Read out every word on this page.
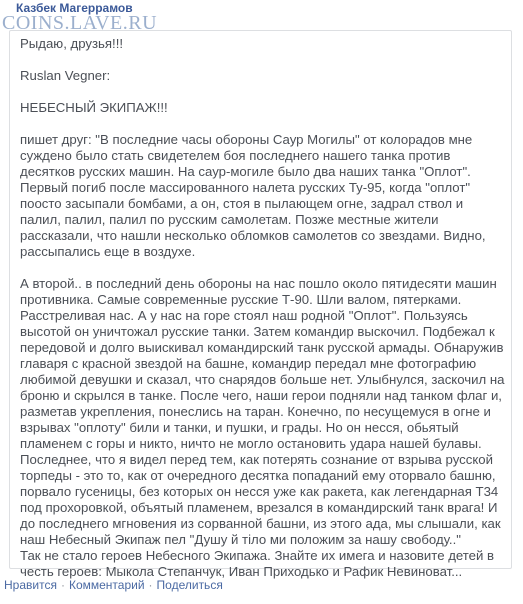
Казбек Магеррамов
COINS.LAVE.RU

Рыдаю, друзья!!!

Ruslan Vegner:

НЕБЕСНЫЙ ЭКИПАЖ!!!

пишет друг: "В последние часы обороны Саур Могилы" от колорадов мне суждено было стать свидетелем боя последнего нашего танка против десятков русских машин. На саур-могиле было два наших танка "Оплот". Первый погиб после массированного налета русских Ту-95, когда "оплот" поосто засыпали бомбами, а он, стоя в пылающем огне, задрал ствол и палил, палил, палил по русским самолетам. Позже местные жители рассказали, что нашли несколько обломков самолетов со звездами. Видно, рассыпались еще в воздухе.

А второй.. в последний день обороны на нас пошло около пятидесяти машин противника. Самые современные русские Т-90. Шли валом, пятерками. Расстреливая нас. А у нас на горе стоял наш родной "Оплот". Пользуясь высотой он уничтожал русские танки. Затем командир выскочил. Подбежал к передовой и долго выискивал командирский танк русской армады. Обнаружив главаря с красной звездой на башне, командир передал мне фотографию любимой девушки и сказал, что снарядов больше нет. Улыбнулся, заскочил на броню и скрылся в танке. После чего, наши герои подняли над танком флаг и, разметав укрепления, понеслись на таран. Конечно, по несущемуся в огне и взрывах "оплоту" били и танки, и пушки, и грады. Но он несся, обьятый пламенем с горы и никто, ничто не могло остановить удара нашей булавы. Последнее, что я видел перед тем, как потерять сознание от взрыва русской торпеды - это то, как от очередного десятка попаданий ему оторвало башню, порвало гусеницы, без которых он несся уже как ракета, как легендарная Т34 под прохоровкой, объятый пламенем, врезался в командирский танк врага! И до последнего мгновения из сорванной башни, из этого ада, мы слышали, как наш Небесный Экипаж пел "Душу й тіло ми положим за нашу свободу.."

Так не стало героев Небесного Экипажа. Знайте их имега и назовите детей в честь героев: Мыкола Степанчук, Иван Приходько и Рафик Невиноват...

Нравится · Комментарий · Поделиться
